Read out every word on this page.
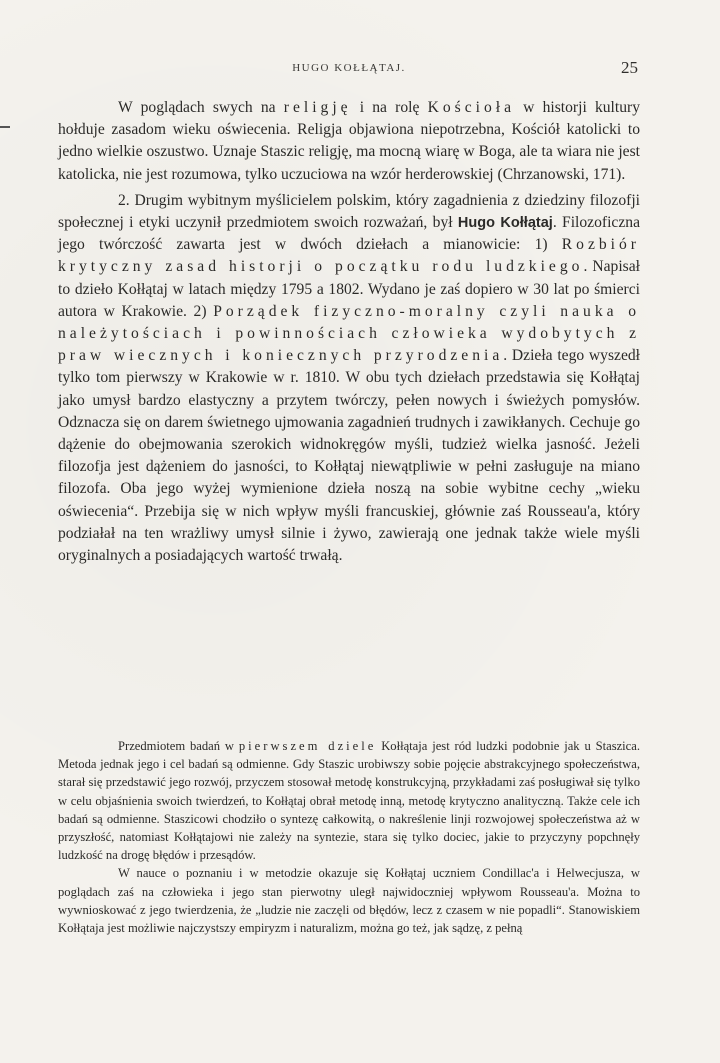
HUGO KOŁŁĄTAJ.	25

W poglądach swych na religję i na rolę Kościoła w historji kultury hołduje zasadom wieku oświecenia. Religja objawiona niepotrzebna, Kościół katolicki to jedno wielkie oszustwo. Uznaje Staszic religję, ma mocną wiarę w Boga, ale ta wiara nie jest katolicka, nie jest rozumowa, tylko uczuciowa na wzór herderowskiej (Chrzanowski, 171).

2. Drugim wybitnym myślicielem polskim, który zagadnienia z dziedziny filozofji społecznej i etyki uczynił przedmiotem swoich rozważań, był Hugo Kołłątaj. Filozoficzna jego twórczość zawarta jest w dwóch dziełach a mianowicie: 1) Rozbiór krytyczny zasad historji o początku rodu ludzkiego. Napisał to dzieło Kołłątaj w latach między 1795 a 1802. Wydano je zaś dopiero w 30 lat po śmierci autora w Krakowie. 2) Porządek fizyczno-moralny czyli nauka o należytościach i powinnościach człowieka wydobytych z praw wiecznych i koniecznych przyrodzenia. Dzieła tego wyszedł tylko tom pierwszy w Krakowie w r. 1810. W obu tych dziełach przedstawia się Kołłątaj jako umysł bardzo elastyczny a przytem twórczy, pełen nowych i świeżych pomysłów. Odznacza się on darem świetnego ujmowania zagadnień trudnych i zawikłanych. Cechuje go dążenie do obejmowania szerokich widnokręgów myśli, tudzież wielka jasność. Jeżeli filozofja jest dążeniem do jasności, to Kołłątaj niewątpliwie w pełni zasługuje na miano filozofa. Oba jego wyżej wymienione dzieła noszą na sobie wybitne cechy „wieku oświecenia“. Przebija się w nich wpływ myśli francuskiej, głównie zaś Rousseau'a, który podziałał na ten wrażliwy umysł silnie i żywo, zawierają one jednak także wiele myśli oryginalnych a posiadających wartość trwałą.

Przedmiotem badań w pierwszem dziele Kołłątaja jest ród ludzki podobnie jak u Staszica. Metoda jednak jego i cel badań są odmienne. Gdy Staszic urobiwszy sobie pojęcie abstrakcyjnego społeczeństwa, starał się przedstawić jego rozwój, przyczem stosował metodę konstrukcyjną, przykładami zaś posługiwał się tylko w celu objaśnienia swoich twierdzeń, to Kołłątaj obrał metodę inną, metodę krytyczno analityczną. Także cele ich badań są odmienne. Staszicowi chodziło o syntezę całkowitą, o nakreślenie linji rozwojowej społeczeństwa aż w przyszłość, natomiast Kołłątajowi nie zależy na syntezie, stara się tylko dociec, jakie to przyczyny popchnęły ludzkość na drogę błędów i przesądów.

W nauce o poznaniu i w metodzie okazuje się Kołłątaj uczniem Condillac'a i Helwecjusza, w poglądach zaś na człowieka i jego stan pierwotny uległ najwidoczniej wpływom Rousseau'a. Można to wywnioskować z jego twierdzenia, że „ludzie nie zaczęli od błędów, lecz z czasem w nie popadli“. Stanowiskiem Kołłątaja jest możliwie najczystszy empiryzm i naturalizm, można go też, jak sądzę, z pełną
